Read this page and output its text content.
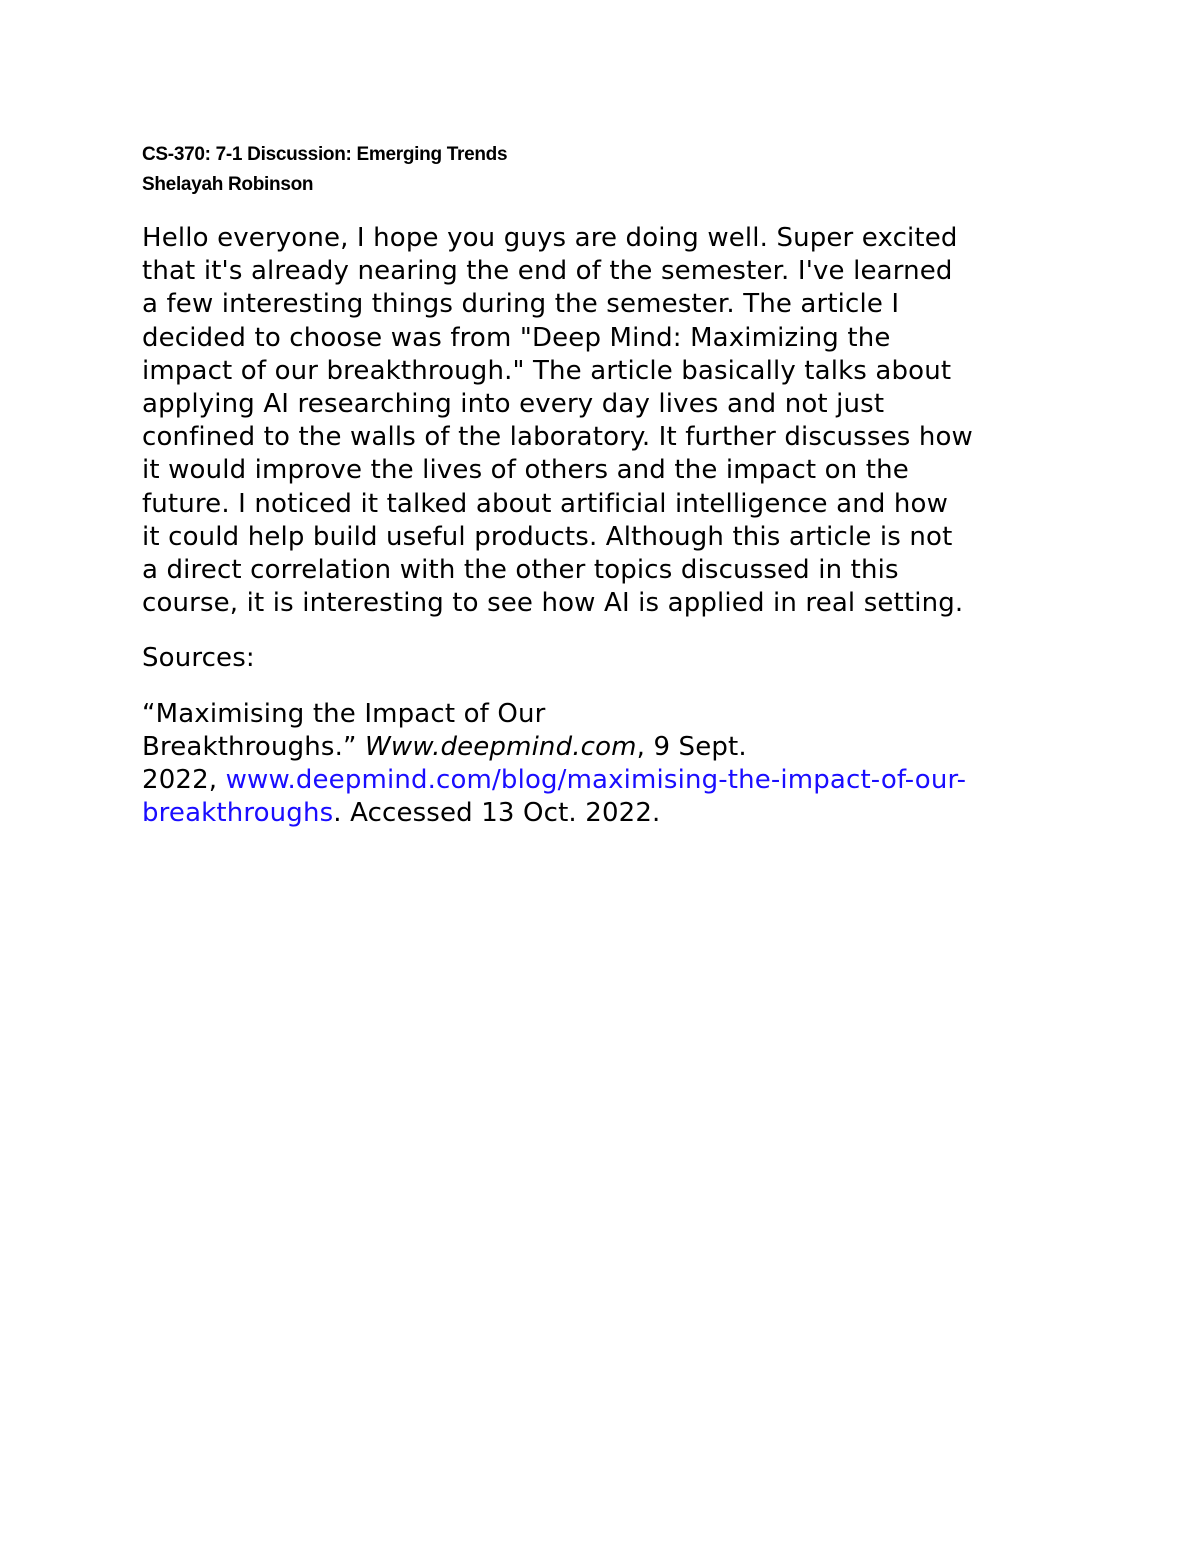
CS-370: 7-1 Discussion: Emerging Trends
Shelayah Robinson
Hello everyone, I hope you guys are doing well. Super excited
that it's already nearing the end of the semester. I've learned
a few interesting things during the semester. The article I
decided to choose was from "Deep Mind: Maximizing the
impact of our breakthrough." The article basically talks about
applying AI researching into every day lives and not just
confined to the walls of the laboratory. It further discusses how
it would improve the lives of others and the impact on the
future. I noticed it talked about artificial intelligence and how
it could help build useful products. Although this article is not
a direct correlation with the other topics discussed in this
course, it is interesting to see how AI is applied in real setting.
Sources:
“Maximising the Impact of Our
Breakthroughs.” Www.deepmind.com, 9 Sept.
2022, www.deepmind.com/blog/maximising-the-impact-of-our-
breakthroughs. Accessed 13 Oct. 2022.
